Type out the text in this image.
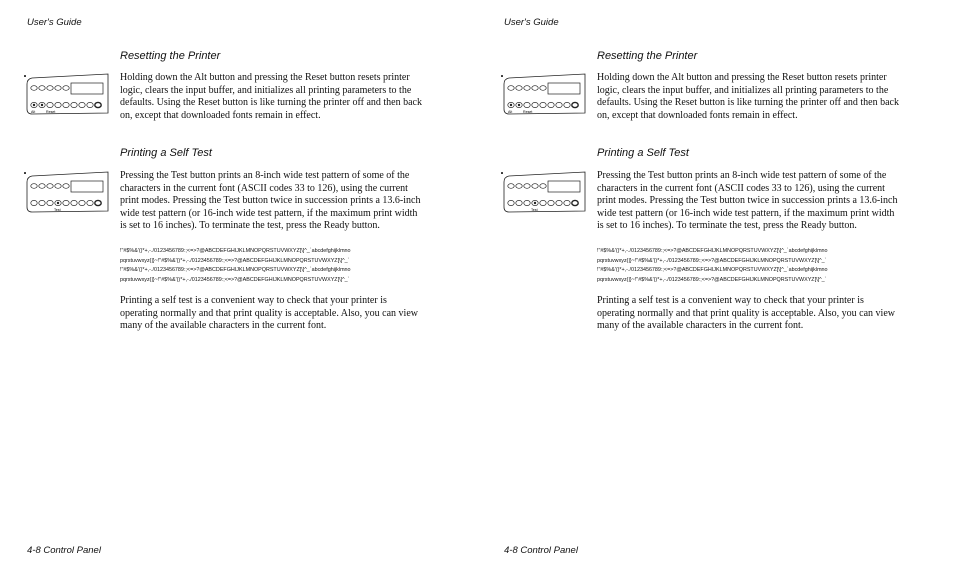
User's Guide
Resetting the Printer
Alt	Reset

Holding down the Alt button and pressing the Reset button resets printer logic, clears the input buffer, and initializes all printing parameters to the defaults. Using the Reset button is like turning the printer off and then back on, except that downloaded fonts remain in effect.

Printing a Self Test
Test

Pressing the Test button prints an 8-inch wide test pattern of some of the characters in the current font (ASCII codes 33 to 126), using the current print modes. Pressing the Test button twice in succession prints a 13.6-inch wide test pattern (or 16-inch wide test pattern, if the maximum print width is set to 16 inches). To terminate the test, press the Ready button.

!"#$%&'()*+,-./0123456789:;<=>?@ABCDEFGHIJKLMNOPQRSTUVWXYZ[\]^_`abcdefghijklmno
pqrstuvwxyz{|}~!"#$%&'()*+,-./0123456789:;<=>?@ABCDEFGHIJKLMNOPQRSTUVWXYZ[\]^_`
!"#$%&'()*+,-./0123456789:;<=>?@ABCDEFGHIJKLMNOPQRSTUVWXYZ[\]^_`abcdefghijklmno
pqrstuvwxyz{|}~!"#$%&'()*+,-./0123456789:;<=>?@ABCDEFGHIJKLMNOPQRSTUVWXYZ[\]^_`

Printing a self test is a convenient way to check that your printer is operating normally and that print quality is acceptable. Also, you can view many of the available characters in the current font.

4-8 Control Panel
User's Guide
Resetting the Printer
Alt	Reset

Holding down the Alt button and pressing the Reset button resets printer logic, clears the input buffer, and initializes all printing parameters to the defaults. Using the Reset button is like turning the printer off and then back on, except that downloaded fonts remain in effect.

Printing a Self Test
Test

Pressing the Test button prints an 8-inch wide test pattern of some of the characters in the current font (ASCII codes 33 to 126), using the current print modes. Pressing the Test button twice in succession prints a 13.6-inch wide test pattern (or 16-inch wide test pattern, if the maximum print width is set to 16 inches). To terminate the test, press the Ready button.

!"#$%&'()*+,-./0123456789:;<=>?@ABCDEFGHIJKLMNOPQRSTUVWXYZ[\]^_`abcdefghijklmno
pqrstuvwxyz{|}~!"#$%&'()*+,-./0123456789:;<=>?@ABCDEFGHIJKLMNOPQRSTUVWXYZ[\]^_`
!"#$%&'()*+,-./0123456789:;<=>?@ABCDEFGHIJKLMNOPQRSTUVWXYZ[\]^_`abcdefghijklmno
pqrstuvwxyz{|}~!"#$%&'()*+,-./0123456789:;<=>?@ABCDEFGHIJKLMNOPQRSTUVWXYZ[\]^_`

Printing a self test is a convenient way to check that your printer is operating normally and that print quality is acceptable. Also, you can view many of the available characters in the current font.

4-8 Control Panel
